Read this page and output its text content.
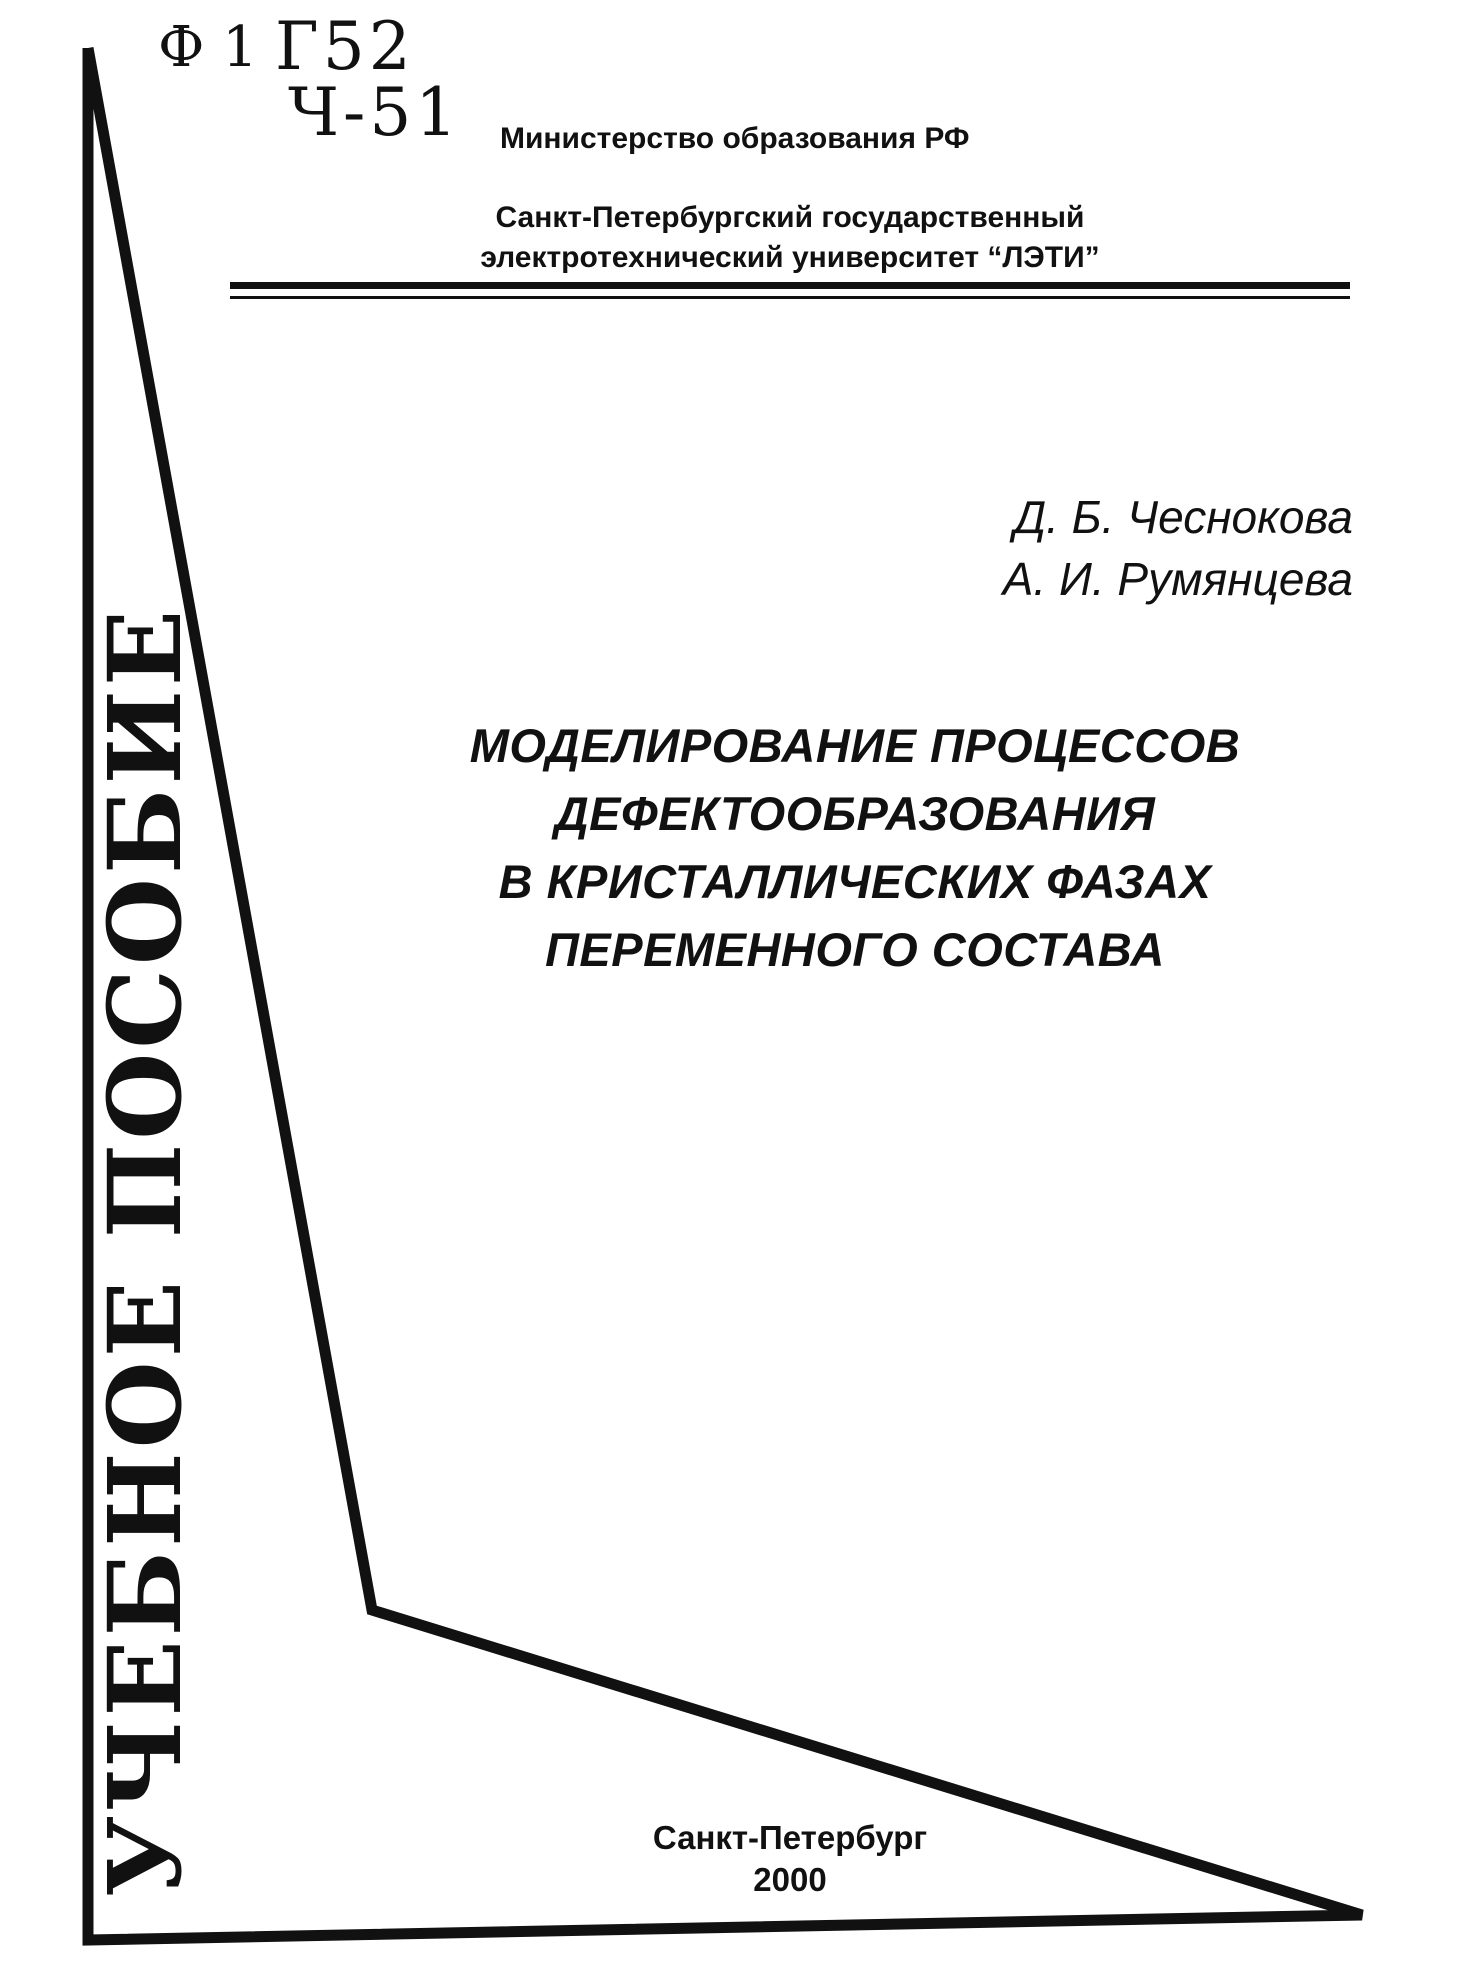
Ф 1 Г52
Ч-51 Министерство образования РФ
Санкт-Петербургский государственный
электротехнический университет “ЛЭТИ”
Д. Б. Чеснокова
А. И. Румянцева
МОДЕЛИРОВАНИЕ ПРОЦЕССОВ
ДЕФЕКТООБРАЗОВАНИЯ
В КРИСТАЛЛИЧЕСКИХ ФАЗАХ
ПЕРЕМЕННОГО СОСТАВА
УЧЕБНОЕ ПОСОБИЕ	Санкт-Петербург
2000
